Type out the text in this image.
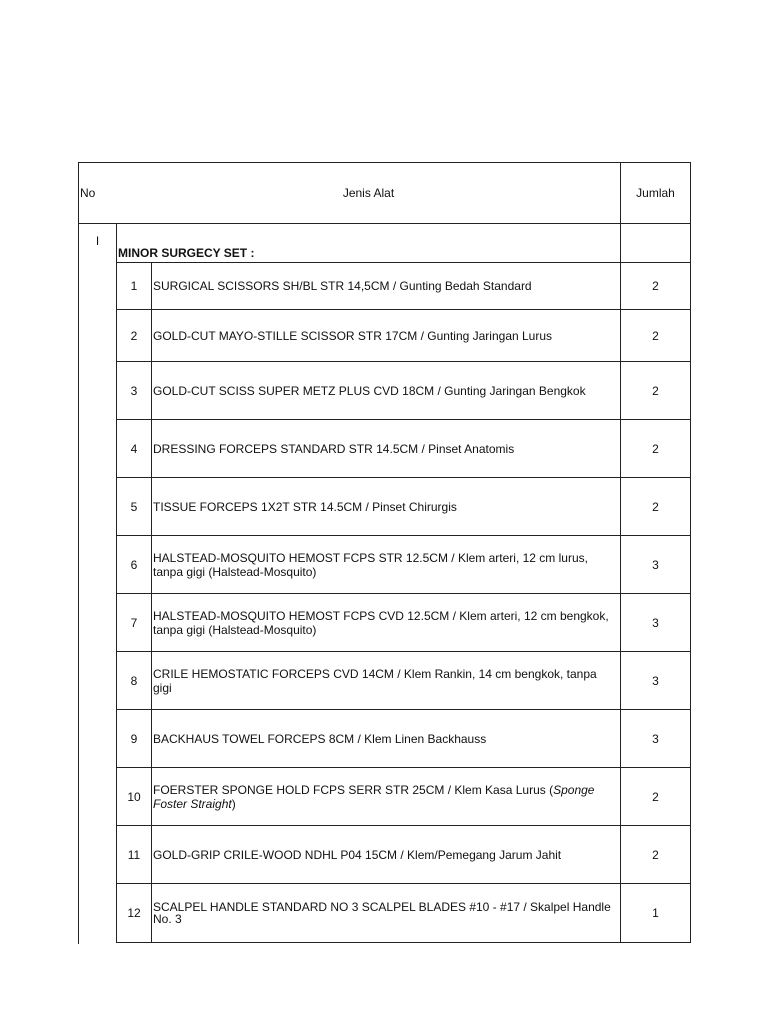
No	Jenis Alat	Jumlah
I
MINOR SURGECY SET :
1	SURGICAL SCISSORS SH/BL STR 14,5CM / Gunting Bedah Standard	2
2	GOLD-CUT MAYO-STILLE SCISSOR STR 17CM / Gunting Jaringan Lurus	2
3	GOLD-CUT SCISS SUPER METZ PLUS CVD 18CM / Gunting Jaringan Bengkok	2
4	DRESSING FORCEPS STANDARD STR 14.5CM / Pinset Anatomis	2
5	TISSUE FORCEPS 1X2T STR 14.5CM / Pinset Chirurgis	2
6	HALSTEAD-MOSQUITO HEMOST FCPS STR 12.5CM / Klem arteri, 12 cm lurus, tanpa gigi (Halstead-Mosquito)	3
7	HALSTEAD-MOSQUITO HEMOST FCPS CVD 12.5CM / Klem arteri, 12 cm bengkok, tanpa gigi (Halstead-Mosquito)	3
8	CRILE HEMOSTATIC FORCEPS CVD 14CM / Klem Rankin, 14 cm bengkok, tanpa gigi	3
9	BACKHAUS TOWEL FORCEPS 8CM / Klem Linen Backhauss	3
10	FOERSTER SPONGE HOLD FCPS SERR STR 25CM / Klem Kasa Lurus (Sponge Foster Straight)	2
11	GOLD-GRIP CRILE-WOOD NDHL P04 15CM / Klem/Pemegang Jarum Jahit	2
12	SCALPEL HANDLE STANDARD NO 3 SCALPEL BLADES #10 - #17 / Skalpel Handle No. 3	1
